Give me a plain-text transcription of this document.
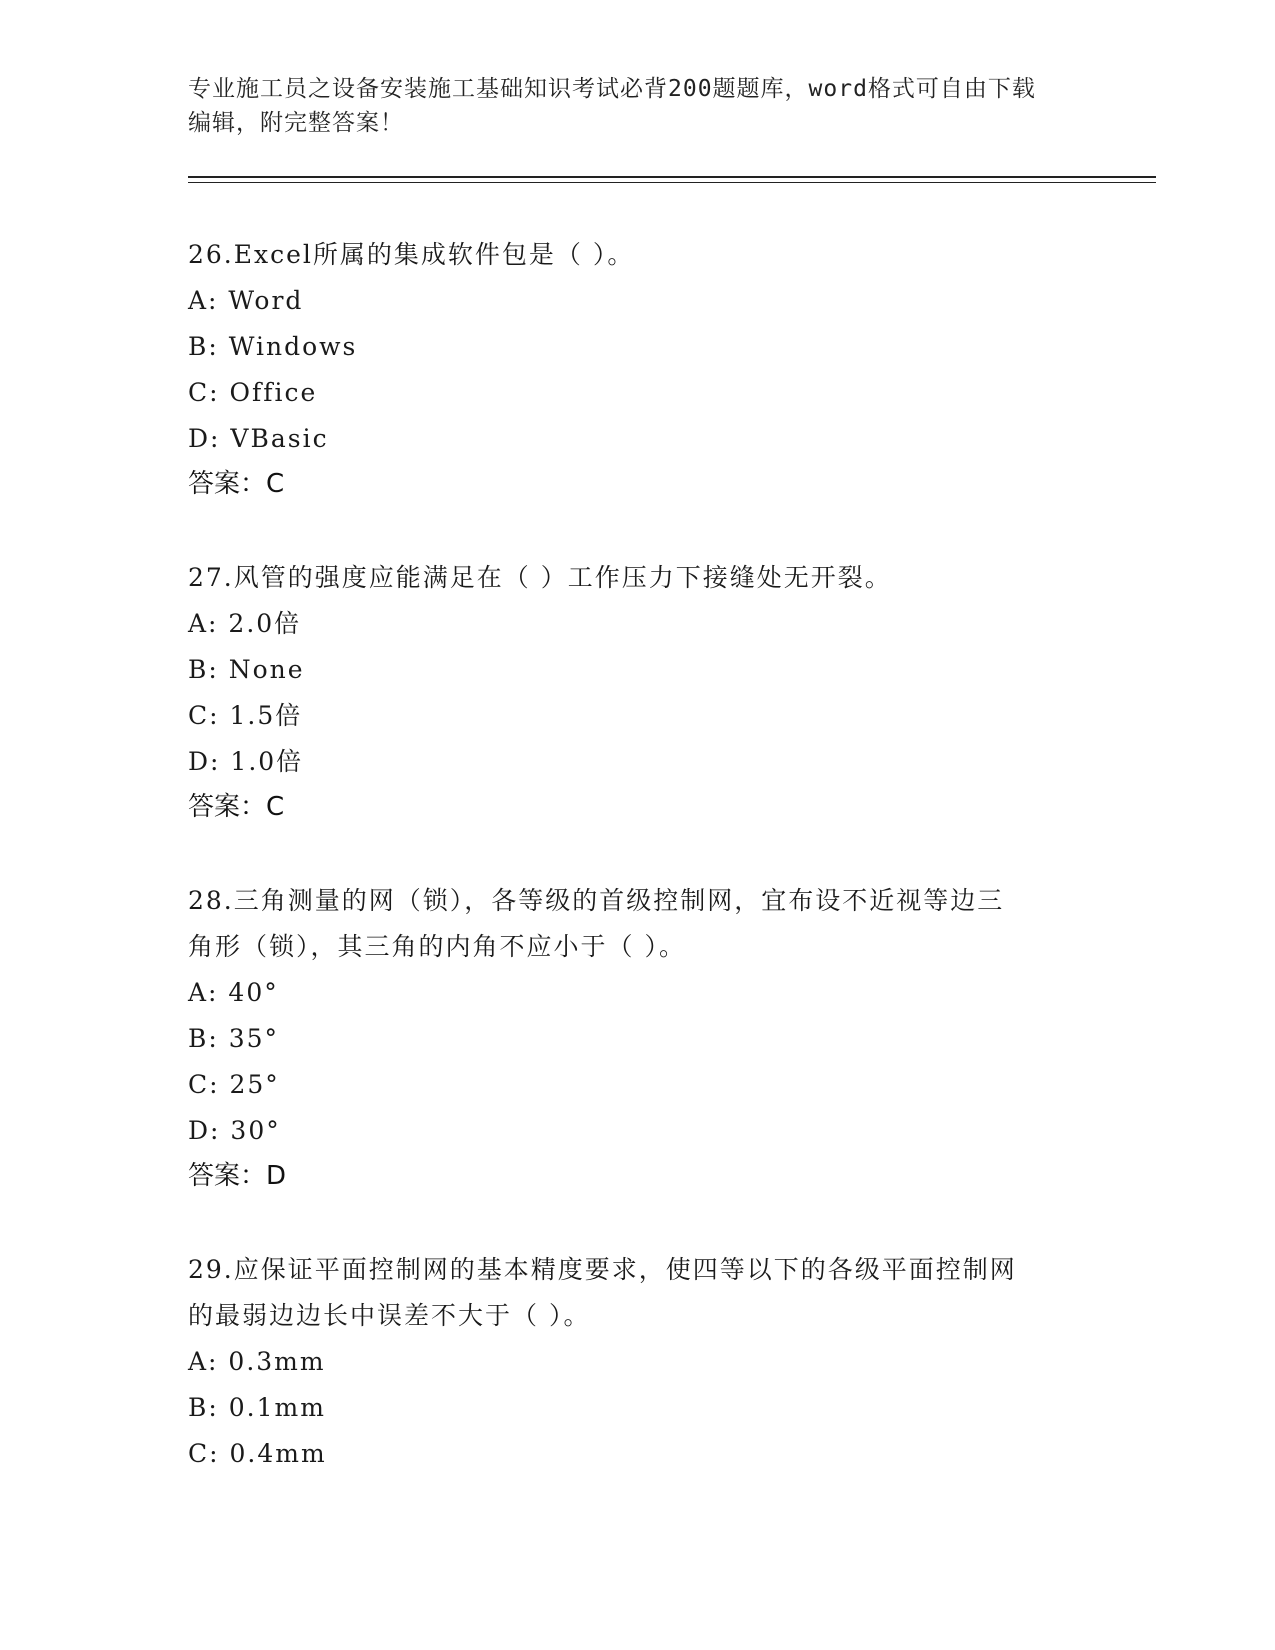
专业施工员之设备安装施工基础知识考试必背200题题库，word格式可自由下载
编辑，附完整答案！
26.Excel所属的集成软件包是（ ）。
A: Word
B: Windows
C: Office
D: VBasic
答案：C
27.风管的强度应能满足在（ ）工作压力下接缝处无开裂。
A: 2.0倍
B: None
C: 1.5倍
D: 1.0倍
答案：C
28.三角测量的网（锁），各等级的首级控制网，宜布设不近视等边三
角形（锁），其三角的内角不应小于（ ）。
A: 40°
B: 35°
C: 25°
D: 30°
答案：D
29.应保证平面控制网的基本精度要求，使四等以下的各级平面控制网
的最弱边边长中误差不大于（ ）。
A: 0.3mm
B: 0.1mm
C: 0.4mm
